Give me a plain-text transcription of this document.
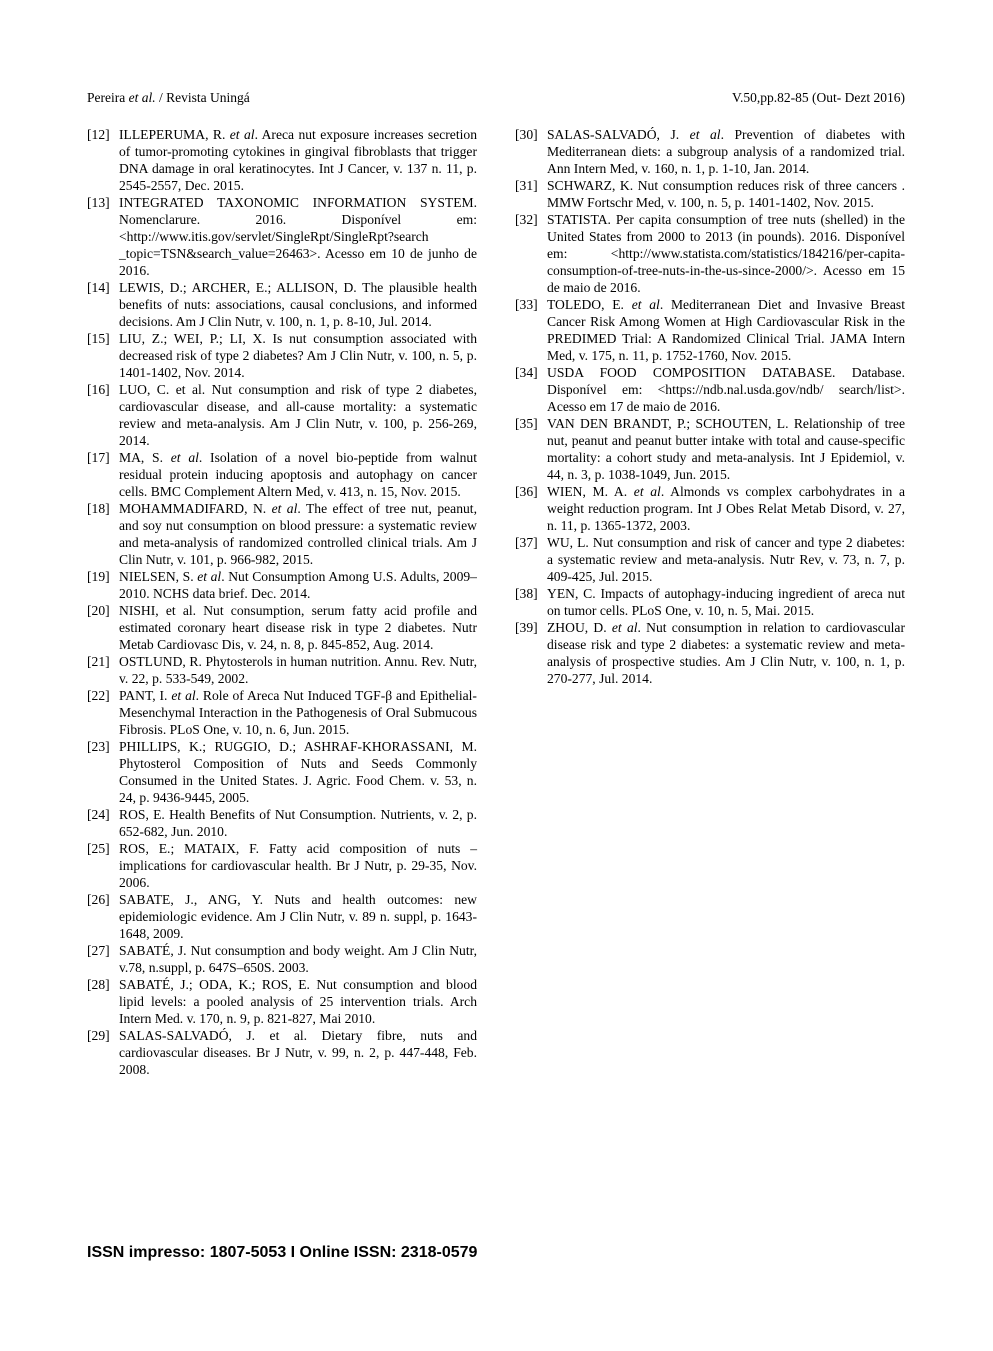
Pereira et al. / Revista Uningá	V.50,pp.82-85 (Out- Dezt 2016)
[12] ILLEPERUMA, R. et al. Areca nut exposure increases secretion of tumor-promoting cytokines in gingival fibroblasts that trigger DNA damage in oral keratinocytes. Int J Cancer, v. 137 n. 11, p. 2545-2557, Dec. 2015.
[13] INTEGRATED TAXONOMIC INFORMATION SYSTEM. Nomenclarure. 2016. Disponível em: <http://www.itis.gov/servlet/SingleRpt/SingleRpt?search _topic=TSN&search_value=26463>. Acesso em 10 de junho de 2016.
[14] LEWIS, D.; ARCHER, E.; ALLISON, D. The plausible health benefits of nuts: associations, causal conclusions, and informed decisions. Am J Clin Nutr, v. 100, n. 1, p. 8-10, Jul. 2014.
[15] LIU, Z.; WEI, P.; LI, X. Is nut consumption associated with decreased risk of type 2 diabetes? Am J Clin Nutr, v. 100, n. 5, p. 1401-1402, Nov. 2014.
[16] LUO, C. et al. Nut consumption and risk of type 2 diabetes, cardiovascular disease, and all-cause mortality: a systematic review and meta-analysis. Am J Clin Nutr, v. 100, p. 256-269, 2014.
[17] MA, S. et al. Isolation of a novel bio-peptide from walnut residual protein inducing apoptosis and autophagy on cancer cells. BMC Complement Altern Med, v. 413, n. 15, Nov. 2015.
[18] MOHAMMADIFARD, N. et al. The effect of tree nut, peanut, and soy nut consumption on blood pressure: a systematic review and meta-analysis of randomized controlled clinical trials. Am J Clin Nutr, v. 101, p. 966-982, 2015.
[19] NIELSEN, S. et al. Nut Consumption Among U.S. Adults, 2009–2010. NCHS data brief. Dec. 2014.
[20] NISHI, et al. Nut consumption, serum fatty acid profile and estimated coronary heart disease risk in type 2 diabetes. Nutr Metab Cardiovasc Dis, v. 24, n. 8, p. 845-852, Aug. 2014.
[21] OSTLUND, R. Phytosterols in human nutrition. Annu. Rev. Nutr, v. 22, p. 533-549, 2002.
[22] PANT, I. et al. Role of Areca Nut Induced TGF-β and Epithelial-Mesenchymal Interaction in the Pathogenesis of Oral Submucous Fibrosis. PLoS One, v. 10, n. 6, Jun. 2015.
[23] PHILLIPS, K.; RUGGIO, D.; ASHRAF-KHORASSANI, M. Phytosterol Composition of Nuts and Seeds Commonly Consumed in the United States. J. Agric. Food Chem. v. 53, n. 24, p. 9436-9445, 2005.
[24] ROS, E. Health Benefits of Nut Consumption. Nutrients, v. 2, p. 652-682, Jun. 2010.
[25] ROS, E.; MATAIX, F. Fatty acid composition of nuts – implications for cardiovascular health. Br J Nutr, p. 29-35, Nov. 2006.
[26] SABATE, J., ANG, Y. Nuts and health outcomes: new epidemiologic evidence. Am J Clin Nutr, v. 89 n. suppl, p. 1643-1648, 2009.
[27] SABATÉ, J. Nut consumption and body weight. Am J Clin Nutr, v.78, n.suppl, p. 647S–650S. 2003.
[28] SABATÉ, J.; ODA, K.; ROS, E. Nut consumption and blood lipid levels: a pooled analysis of 25 intervention trials. Arch Intern Med. v. 170, n. 9, p. 821-827, Mai 2010.
[29] SALAS-SALVADÓ, J. et al. Dietary fibre, nuts and cardiovascular diseases. Br J Nutr, v. 99, n. 2, p. 447-448, Feb. 2008.
[30] SALAS-SALVADÓ, J. et al. Prevention of diabetes with Mediterranean diets: a subgroup analysis of a randomized trial. Ann Intern Med, v. 160, n. 1, p. 1-10, Jan. 2014.
[31] SCHWARZ, K. Nut consumption reduces risk of three cancers . MMW Fortschr Med, v. 100, n. 5, p. 1401-1402, Nov. 2015.
[32] STATISTA. Per capita consumption of tree nuts (shelled) in the United States from 2000 to 2013 (in pounds). 2016. Disponível em: <http://www.statista.com/statistics/184216/per-capita-consumption-of-tree-nuts-in-the-us-since-2000/>. Acesso em 15 de maio de 2016.
[33] TOLEDO, E. et al. Mediterranean Diet and Invasive Breast Cancer Risk Among Women at High Cardiovascular Risk in the PREDIMED Trial: A Randomized Clinical Trial. JAMA Intern Med, v. 175, n. 11, p. 1752-1760, Nov. 2015.
[34] USDA FOOD COMPOSITION DATABASE. Database. Disponível em: <https://ndb.nal.usda.gov/ndb/ search/list>. Acesso em 17 de maio de 2016.
[35] VAN DEN BRANDT, P.; SCHOUTEN, L. Relationship of tree nut, peanut and peanut butter intake with total and cause-specific mortality: a cohort study and meta-analysis. Int J Epidemiol, v. 44, n. 3, p. 1038-1049, Jun. 2015.
[36] WIEN, M. A. et al. Almonds vs complex carbohydrates in a weight reduction program. Int J Obes Relat Metab Disord, v. 27, n. 11, p. 1365-1372, 2003.
[37] WU, L. Nut consumption and risk of cancer and type 2 diabetes: a systematic review and meta-analysis. Nutr Rev, v. 73, n. 7, p. 409-425, Jul. 2015.
[38] YEN, C. Impacts of autophagy-inducing ingredient of areca nut on tumor cells. PLoS One, v. 10, n. 5, Mai. 2015.
[39] ZHOU, D. et al. Nut consumption in relation to cardiovascular disease risk and type 2 diabetes: a systematic review and meta-analysis of prospective studies. Am J Clin Nutr, v. 100, n. 1, p. 270-277, Jul. 2014.
ISSN impresso: 1807-5053 I Online ISSN: 2318-0579
